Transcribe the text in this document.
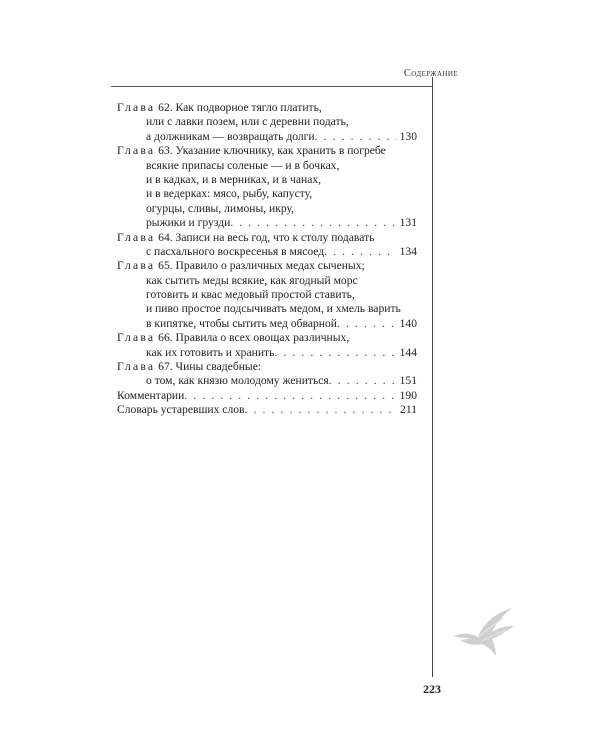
Содержание
Глава 62. Как подворное тягло платить,
или с лавки позем, или с деревни подать,
а должникам — возвращать долги . . .	130
Глава 63. Указание ключнику, как хранить в погребе
всякие припасы соленые — и в бочках,
и в кадках, и в мерниках, и в чанах,
и в ведерках: мясо, рыбу, капусту,
огурцы, сливы, лимоны, икру,
рыжики и грузди . . .	131
Глава 64. Записи на весь год, что к столу подавать
с пасхального воскресенья в мясоед . . .	134
Глава 65. Правило о различных медах сыченых;
как сытить меды всякие, как ягодный морс
готовить и квас медовый простой ставить,
и пиво простое подсычивать медом, и хмель варить
в кипятке, чтобы сытить мед обварной . . .	140
Глава 66. Правила о всех овощах различных,
как их готовить и хранить . . .	144
Глава 67. Чины свадебные:
о том, как князю молодому жениться . . .	151
Комментарии . . .	190
Словарь устаревших слов . . .	211
223
